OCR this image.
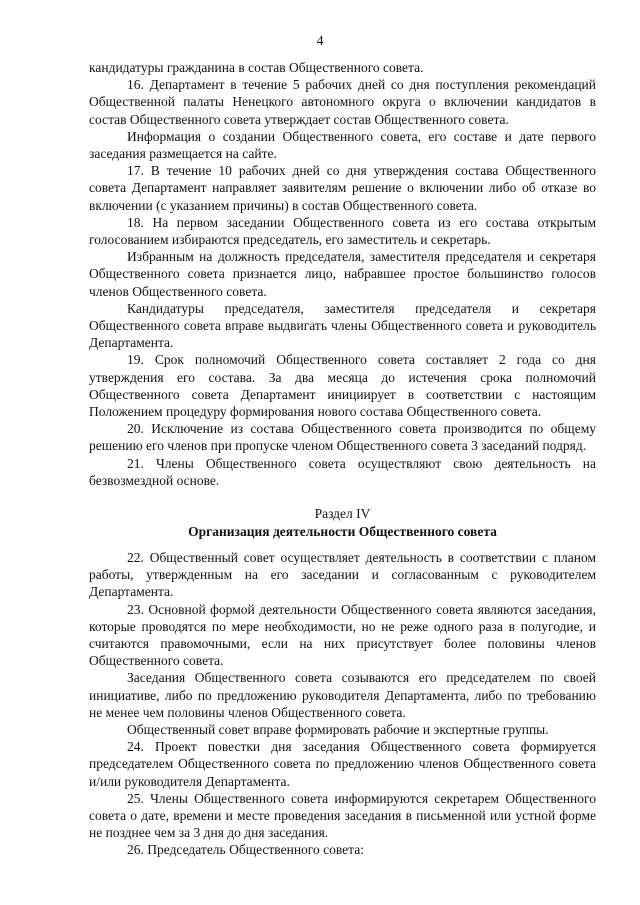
4

кандидатуры гражданина в состав Общественного совета.

16. Департамент в течение 5 рабочих дней со дня поступления рекомендаций Общественной палаты Ненецкого автономного округа о включении кандидатов в состав Общественного совета утверждает состав Общественного совета.

Информация о создании Общественного совета, его составе и дате первого заседания размещается на сайте.

17. В течение 10 рабочих дней со дня утверждения состава Общественного совета Департамент направляет заявителям решение о включении либо об отказе во включении (с указанием причины) в состав Общественного совета.

18. На первом заседании Общественного совета из его состава открытым голосованием избираются председатель, его заместитель и секретарь.

Избранным на должность председателя, заместителя председателя и секретаря Общественного совета признается лицо, набравшее простое большинство голосов членов Общественного совета.

Кандидатуры председателя, заместителя председателя и секретаря Общественного совета вправе выдвигать члены Общественного совета и руководитель Департамента.

19. Срок полномочий Общественного совета составляет 2 года со дня утверждения его состава. За два месяца до истечения срока полномочий Общественного совета Департамент инициирует в соответствии с настоящим Положением процедуру формирования нового состава Общественного совета.

20. Исключение из состава Общественного совета производится по общему решению его членов при пропуске членом Общественного совета 3 заседаний подряд.

21. Члены Общественного совета осуществляют свою деятельность на безвозмездной основе.

Раздел IV
Организация деятельности Общественного совета

22. Общественный совет осуществляет деятельность в соответствии с планом работы, утвержденным на его заседании и согласованным с руководителем Департамента.

23. Основной формой деятельности Общественного совета являются заседания, которые проводятся по мере необходимости, но не реже одного раза в полугодие, и считаются правомочными, если на них присутствует более половины членов Общественного совета.

Заседания Общественного совета созываются его председателем по своей инициативе, либо по предложению руководителя Департамента, либо по требованию не менее чем половины членов Общественного совета.

Общественный совет вправе формировать рабочие и экспертные группы.

24. Проект повестки дня заседания Общественного совета формируется председателем Общественного совета по предложению членов Общественного совета и/или руководителя Департамента.

25. Члены Общественного совета информируются секретарем Общественного совета о дате, времени и месте проведения заседания в письменной или устной форме не позднее чем за 3 дня до дня заседания.

26. Председатель Общественного совета:
